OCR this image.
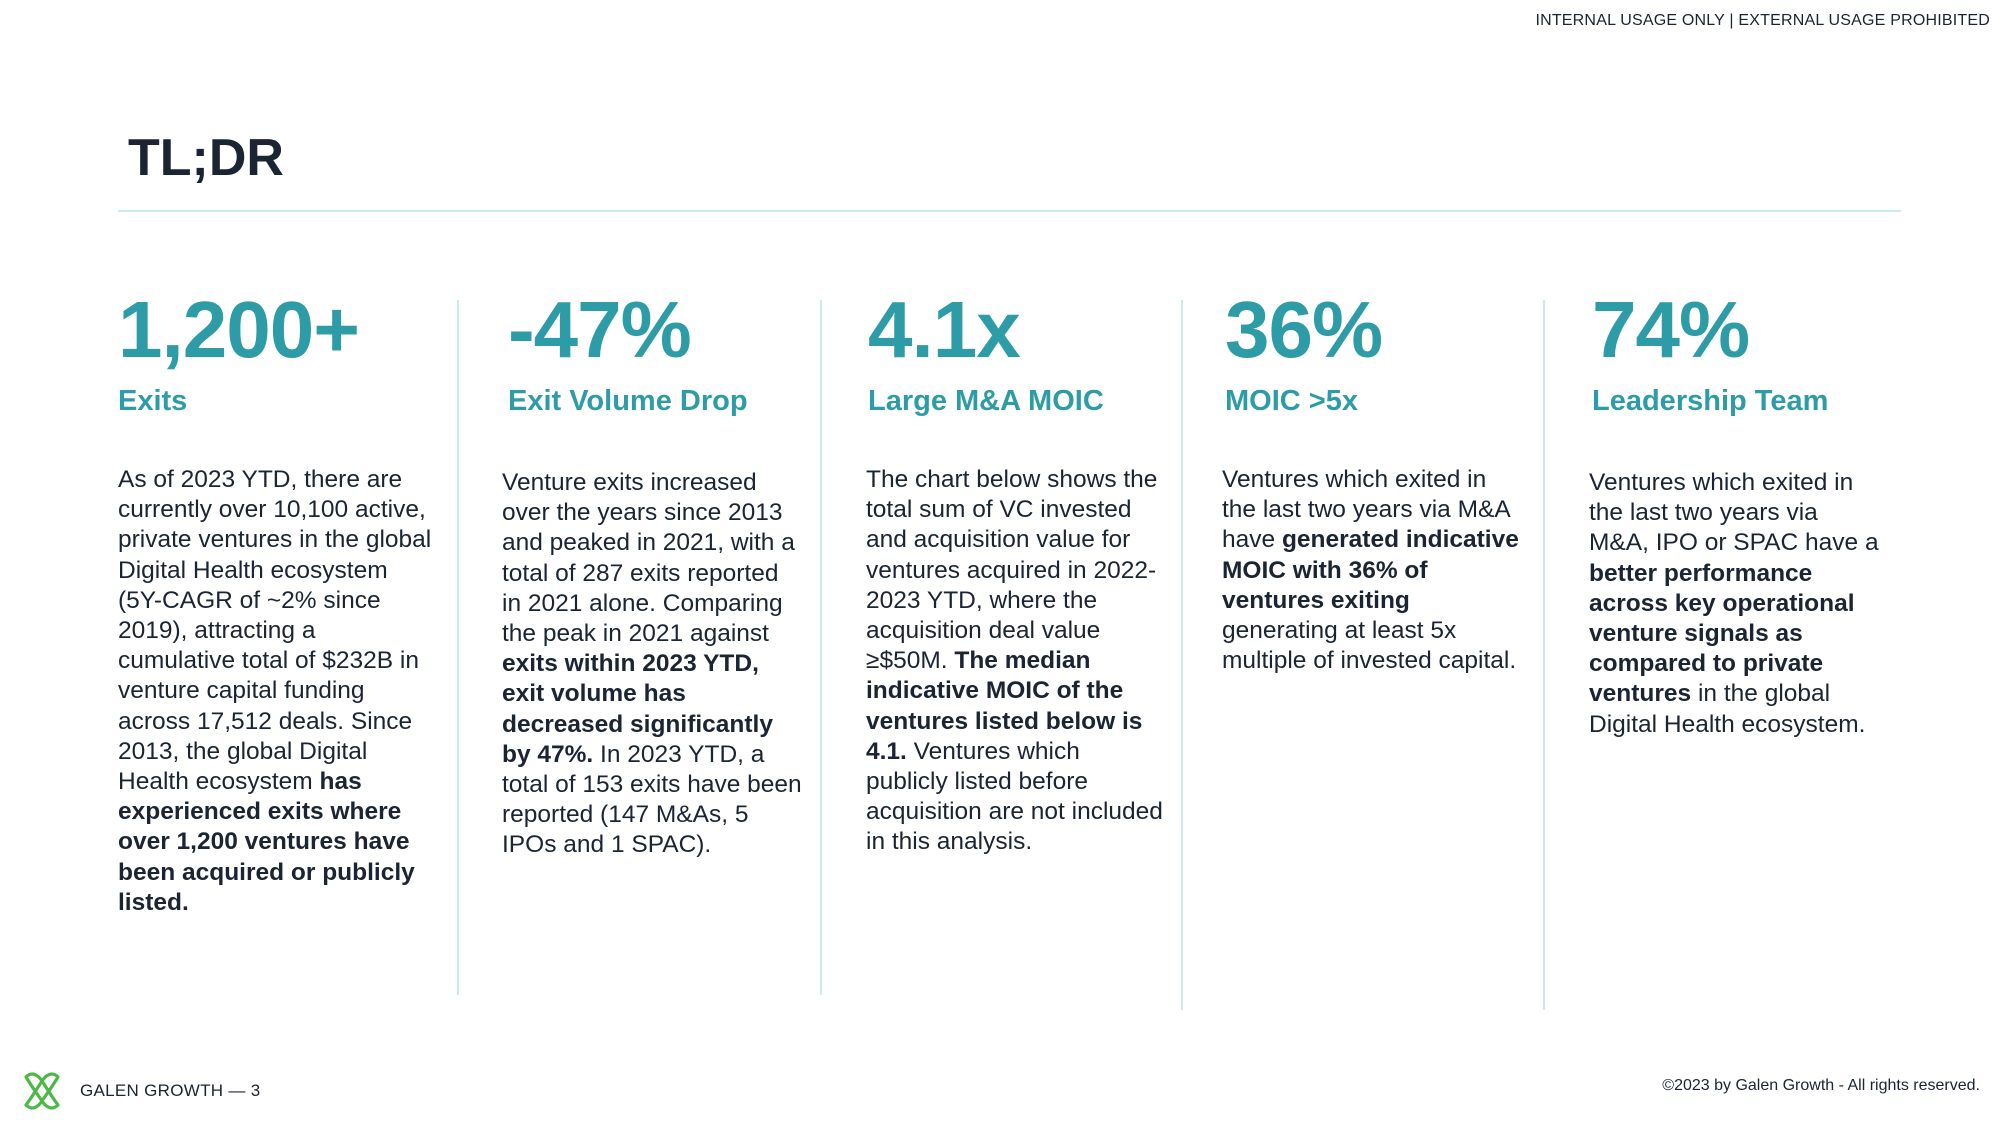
INTERNAL USAGE ONLY | EXTERNAL USAGE PROHIBITED
TL;DR
1,200+
Exits
As of 2023 YTD, there are currently over 10,100 active, private ventures in the global Digital Health ecosystem (5Y-CAGR of ~2% since 2019), attracting a cumulative total of $232B in venture capital funding across 17,512 deals. Since 2013, the global Digital Health ecosystem has experienced exits where over 1,200 ventures have been acquired or publicly listed.
-47%
Exit Volume Drop
Venture exits increased over the years since 2013 and peaked in 2021, with a total of 287 exits reported in 2021 alone. Comparing the peak in 2021 against exits within 2023 YTD, exit volume has decreased significantly by 47%. In 2023 YTD, a total of 153 exits have been reported (147 M&As, 5 IPOs and 1 SPAC).
4.1x
Large M&A MOIC
The chart below shows the total sum of VC invested and acquisition value for ventures acquired in 2022-2023 YTD, where the acquisition deal value ≥$50M. The median indicative MOIC of the ventures listed below is 4.1. Ventures which publicly listed before acquisition are not included in this analysis.
36%
MOIC >5x
Ventures which exited in the last two years via M&A have generated indicative MOIC with 36% of ventures exiting generating at least 5x multiple of invested capital.
74%
Leadership Team
Ventures which exited in the last two years via M&A, IPO or SPAC have a better performance across key operational venture signals as compared to private ventures in the global Digital Health ecosystem.
GALEN GROWTH — 3	©2023 by Galen Growth - All rights reserved.
